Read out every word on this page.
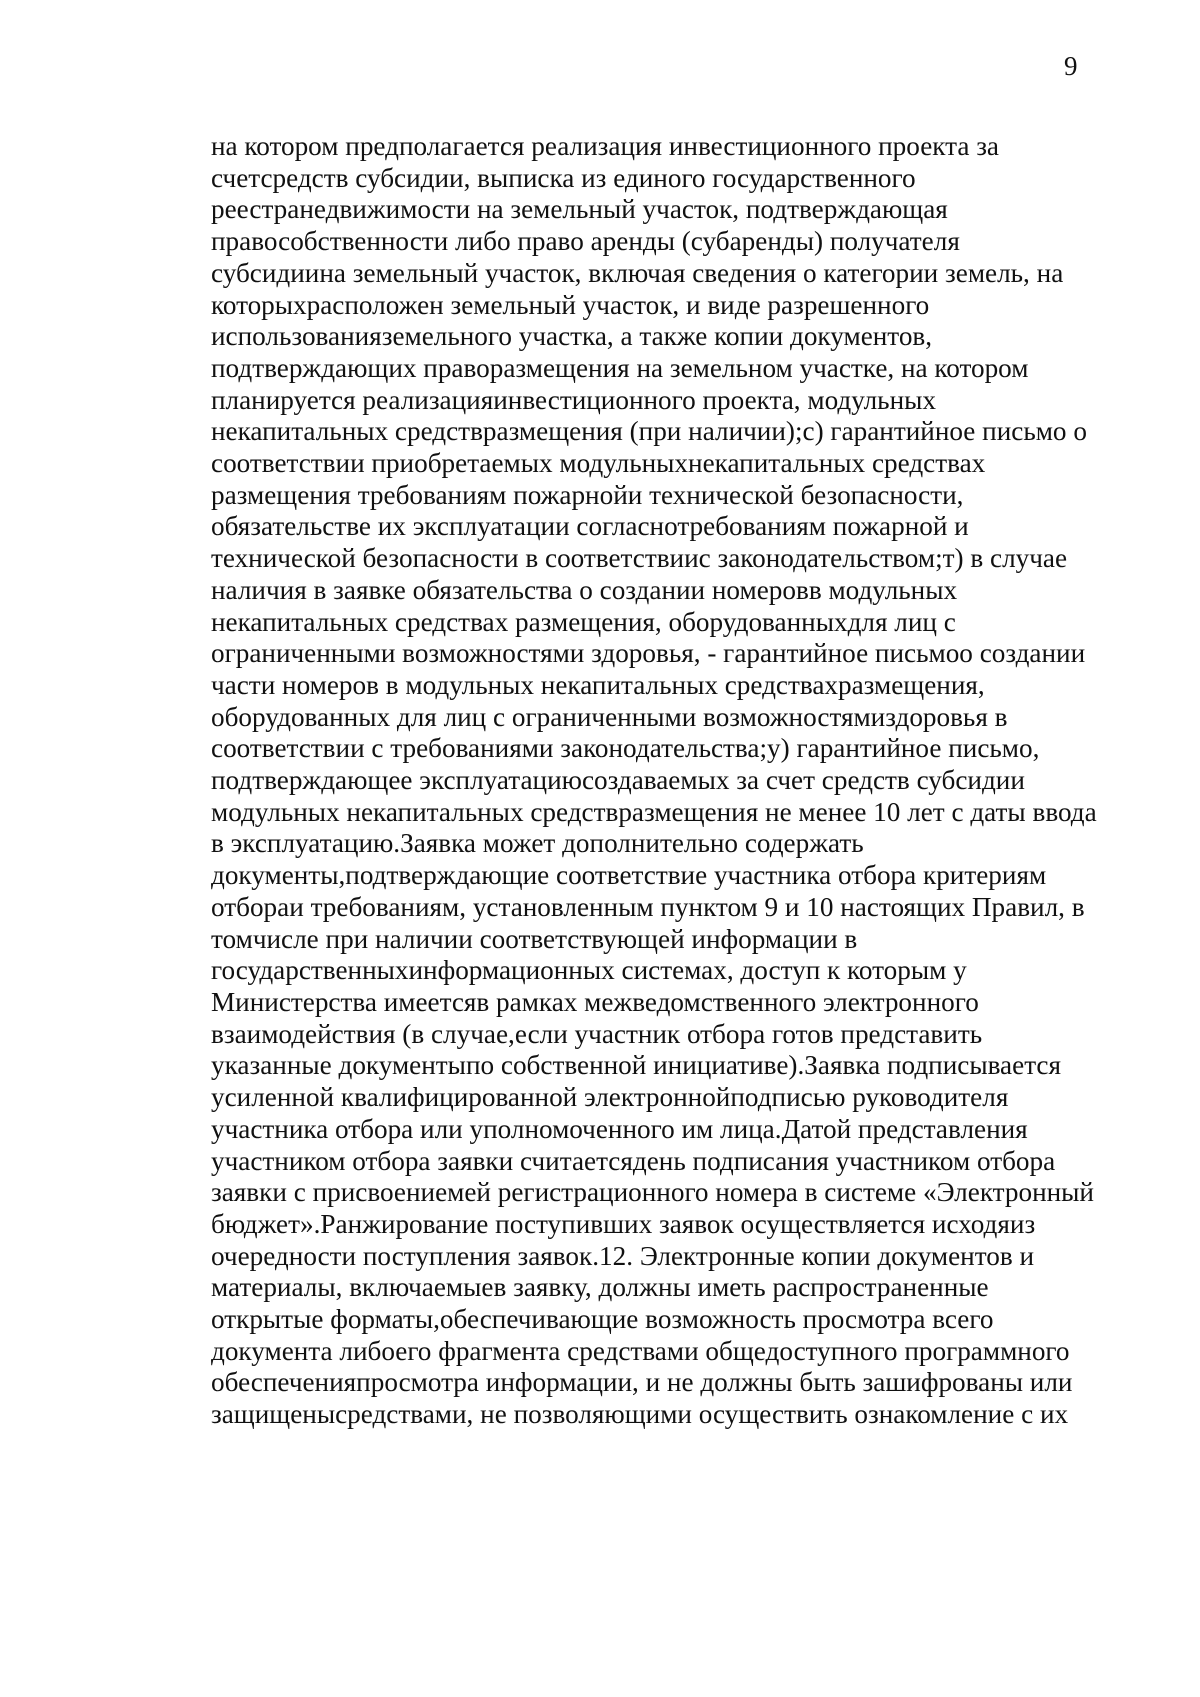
9
на котором предполагается реализация инвестиционного проекта за счетсредств субсидии, выписка из единого государственного реестранедвижимости на земельный участок, подтверждающая правособственности либо право аренды (субаренды) получателя субсидиина земельный участок, включая сведения о категории земель, на которыхрасположен земельный участок, и виде разрешенного использованияземельного участка, а также копии документов, подтверждающих праворазмещения на земельном участке, на котором планируется реализацияинвестиционного проекта, модульных некапитальных средствразмещения (при наличии);с) гарантийное письмо о соответствии приобретаемых модульныхнекапитальных средствах размещения требованиям пожарнойи технической безопасности, обязательстве их эксплуатации согласнотребованиям пожарной и технической безопасности в соответствиис законодательством;т) в случае наличия в заявке обязательства о создании номеровв модульных некапитальных средствах размещения, оборудованныхдля лиц с ограниченными возможностями здоровья, - гарантийное письмоо создании части номеров в модульных некапитальных средствахразмещения, оборудованных для лиц с ограниченными возможностямиздоровья в соответствии с требованиями законодательства;у) гарантийное письмо, подтверждающее эксплуатациюсоздаваемых за счет средств субсидии модульных некапитальных средствразмещения не менее 10 лет с даты ввода в эксплуатацию.Заявка может дополнительно содержать документы,подтверждающие соответствие участника отбора критериям отбораи требованиям, установленным пунктом 9 и 10 настоящих Правил, в томчисле при наличии соответствующей информации в государственныхинформационных системах, доступ к которым у Министерства имеетсяв рамках межведомственного электронного взаимодействия (в случае,если участник отбора готов представить указанные документыпо собственной инициативе).Заявка подписывается усиленной квалифицированной электроннойподписью руководителя участника отбора или уполномоченного им лица.Датой представления участником отбора заявки считаетсядень подписания участником отбора заявки с присвоениемей регистрационного номера в системе «Электронный бюджет».Ранжирование поступивших заявок осуществляется исходяиз очередности поступления заявок.12. Электронные копии документов и материалы, включаемыев заявку, должны иметь распространенные открытые форматы,обеспечивающие возможность просмотра всего документа либоего фрагмента средствами общедоступного программного обеспеченияпросмотра информации, и не должны быть зашифрованы или защищенысредствами, не позволяющими осуществить ознакомление с их
